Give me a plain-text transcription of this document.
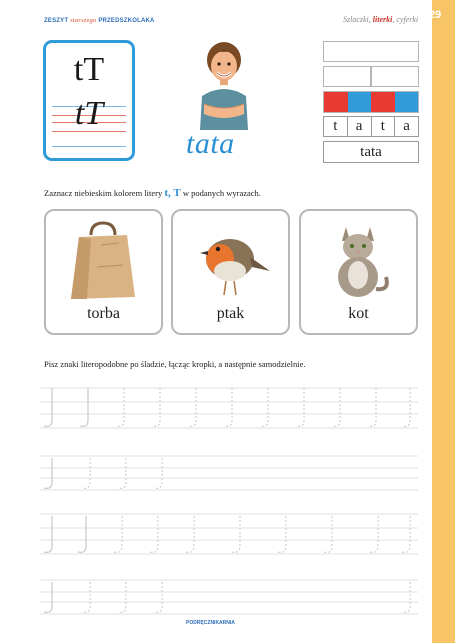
29
ZESZYT starszego PRZEDSZKOLAKA	Szlaczki, literki, cyferki
tT
tT
tata
t	a	t	a
tata
Zaznacz niebieskim kolorem litery t, T w podanych wyrazach.
torba	ptak	kot
Pisz znaki literopodobne po śladzie, łącząc kropki, a następnie samodzielnie.
PODRĘCZNIKARNIA
